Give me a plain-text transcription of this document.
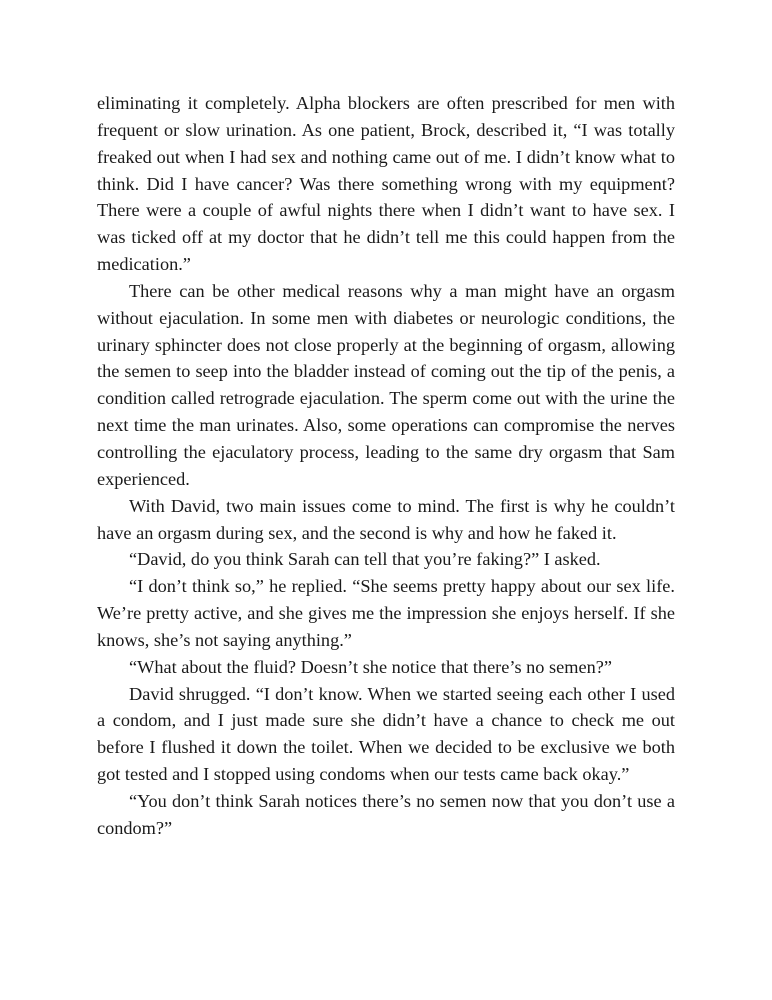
eliminating it completely. Alpha blockers are often prescribed for men with frequent or slow urination. As one patient, Brock, described it, “I was totally freaked out when I had sex and nothing came out of me. I didn’t know what to think. Did I have cancer? Was there something wrong with my equipment? There were a couple of awful nights there when I didn’t want to have sex. I was ticked off at my doctor that he didn’t tell me this could happen from the medication.”

There can be other medical reasons why a man might have an orgasm without ejaculation. In some men with diabetes or neurologic conditions, the urinary sphincter does not close properly at the beginning of orgasm, allowing the semen to seep into the bladder instead of coming out the tip of the penis, a condition called retrograde ejaculation. The sperm come out with the urine the next time the man urinates. Also, some operations can compromise the nerves controlling the ejaculatory process, leading to the same dry orgasm that Sam experienced.

With David, two main issues come to mind. The first is why he couldn’t have an orgasm during sex, and the second is why and how he faked it.

“David, do you think Sarah can tell that you’re faking?” I asked.

“I don’t think so,” he replied. “She seems pretty happy about our sex life. We’re pretty active, and she gives me the impression she enjoys herself. If she knows, she’s not saying anything.”

“What about the fluid? Doesn’t she notice that there’s no semen?”

David shrugged. “I don’t know. When we started seeing each other I used a condom, and I just made sure she didn’t have a chance to check me out before I flushed it down the toilet. When we decided to be exclusive we both got tested and I stopped using condoms when our tests came back okay.”

“You don’t think Sarah notices there’s no semen now that you don’t use a condom?”
